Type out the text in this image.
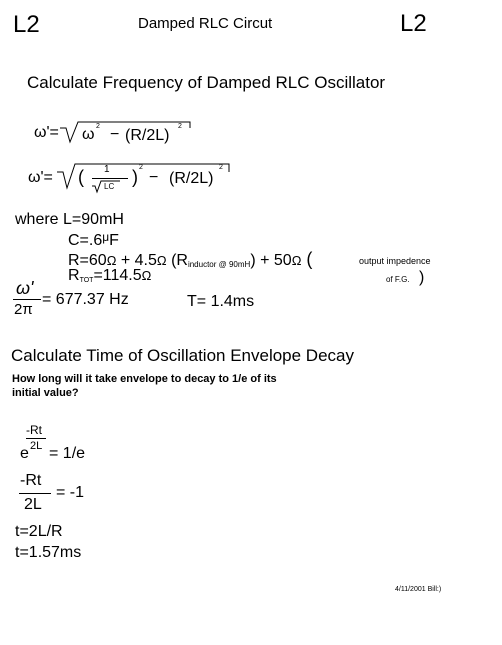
L2	Damped RLC Circut	L2
Calculate Frequency of Damped RLC Oscillator
ω'= ω 2 − (R/2L)
2
ω'= ( 1
LC ) 2
− (R/2L)
2
where L=90mH
$C=.6^\mu F$
R=60Ω + 4.5Ω $(R_{inductor @ 90mH}) + 50\Omega$ (	output impedence
of F.G. )
$R_{TOT}=114.5\Omega$
ω'
2π
= 677.37 Hz	T= 1.4ms
Calculate Time of Oscillation Envelope Decay
How long will it take envelope to decay to 1/e of its
initial value?
e
-Rt
2L = 1/e
-Rt
2L
= -1
t=2L/R
t=1.57ms
4/11/2001 Bill:)
